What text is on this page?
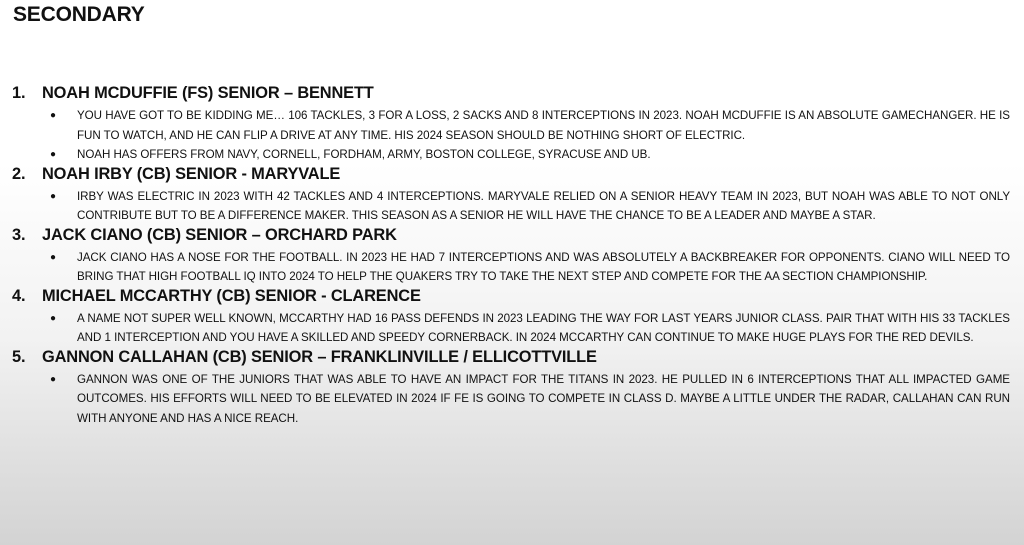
SECONDARY
1.	NOAH MCDUFFIE (FS) SENIOR – BENNETT
●	YOU HAVE GOT TO BE KIDDING ME… 106 TACKLES, 3 FOR A LOSS, 2 SACKS AND 8 INTERCEPTIONS IN 2023. NOAH MCDUFFIE IS AN ABSOLUTE GAMECHANGER. HE IS FUN TO WATCH, AND HE CAN FLIP A DRIVE AT ANY TIME. HIS 2024 SEASON SHOULD BE NOTHING SHORT OF ELECTRIC.
●	NOAH HAS OFFERS FROM NAVY, CORNELL, FORDHAM, ARMY, BOSTON COLLEGE, SYRACUSE AND UB.
2.	NOAH IRBY (CB) SENIOR - MARYVALE
●	IRBY WAS ELECTRIC IN 2023 WITH 42 TACKLES AND 4 INTERCEPTIONS. MARYVALE RELIED ON A SENIOR HEAVY TEAM IN 2023, BUT NOAH WAS ABLE TO NOT ONLY CONTRIBUTE BUT TO BE A DIFFERENCE MAKER. THIS SEASON AS A SENIOR HE WILL HAVE THE CHANCE TO BE A LEADER AND MAYBE A STAR.
3.	JACK CIANO (CB) SENIOR – ORCHARD PARK
●	JACK CIANO HAS A NOSE FOR THE FOOTBALL. IN 2023 HE HAD 7 INTERCEPTIONS AND WAS ABSOLUTELY A BACKBREAKER FOR OPPONENTS. CIANO WILL NEED TO BRING THAT HIGH FOOTBALL IQ INTO 2024 TO HELP THE QUAKERS TRY TO TAKE THE NEXT STEP AND COMPETE FOR THE AA SECTION CHAMPIONSHIP.
4.	MICHAEL MCCARTHY (CB) SENIOR - CLARENCE
●	A NAME NOT SUPER WELL KNOWN, MCCARTHY HAD 16 PASS DEFENDS IN 2023 LEADING THE WAY FOR LAST YEARS JUNIOR CLASS. PAIR THAT WITH HIS 33 TACKLES AND 1 INTERCEPTION AND YOU HAVE A SKILLED AND SPEEDY CORNERBACK. IN 2024 MCCARTHY CAN CONTINUE TO MAKE HUGE PLAYS FOR THE RED DEVILS.
5.	GANNON CALLAHAN (CB) SENIOR – FRANKLINVILLE / ELLICOTTVILLE
●	GANNON WAS ONE OF THE JUNIORS THAT WAS ABLE TO HAVE AN IMPACT FOR THE TITANS IN 2023. HE PULLED IN 6 INTERCEPTIONS THAT ALL IMPACTED GAME OUTCOMES. HIS EFFORTS WILL NEED TO BE ELEVATED IN 2024 IF FE IS GOING TO COMPETE IN CLASS D. MAYBE A LITTLE UNDER THE RADAR, CALLAHAN CAN RUN WITH ANYONE AND HAS A NICE REACH.
